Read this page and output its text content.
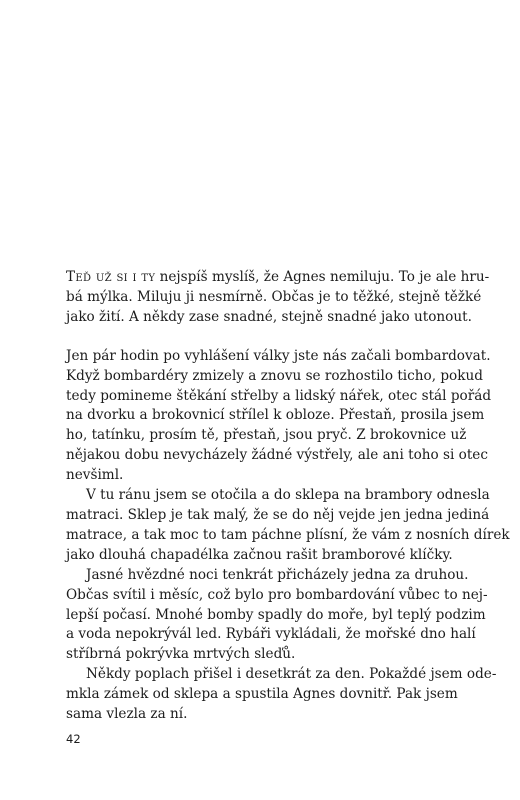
Teď už si i ty nejspíš myslíš, že Agnes nemiluju. To je ale hru-
bá mýlka. Miluju ji nesmírně. Občas je to těžké, stejně těžké
jako žití. A někdy zase snadné, stejně snadné jako utonout.

Jen pár hodin po vyhlášení války jste nás začali bombardovat.
Když bombardéry zmizely a znovu se rozhostilo ticho, pokud
tedy pomineme štěkání střelby a lidský nářek, otec stál pořád
na dvorku a brokovnicí střílel k obloze. Přestaň, prosila jsem
ho, tatínku, prosím tě, přestaň, jsou pryč. Z brokovnice už
nějakou dobu nevycházely žádné výstřely, ale ani toho si otec
nevšiml.

V tu ránu jsem se otočila a do sklepa na brambory odnesla
matraci. Sklep je tak malý, že se do něj vejde jen jedna jediná
matrace, a tak moc to tam páchne plísní, že vám z nosních dírek
jako dlouhá chapadélka začnou rašit bramborové klíčky.

Jasné hvězdné noci tenkrát přicházely jedna za druhou.
Občas svítil i měsíc, což bylo pro bombardování vůbec to nej-
lepší počasí. Mnohé bomby spadly do moře, byl teplý podzim
a voda nepokrývál led. Rybáři vykládali, že mořské dno halí
stříbrná pokrývka mrtvých sleďů.

Někdy poplach přišel i desetkrát za den. Pokaždé jsem ode-
mkla zámek od sklepa a spustila Agnes dovnitř. Pak jsem
sama vlezla za ní.

42
